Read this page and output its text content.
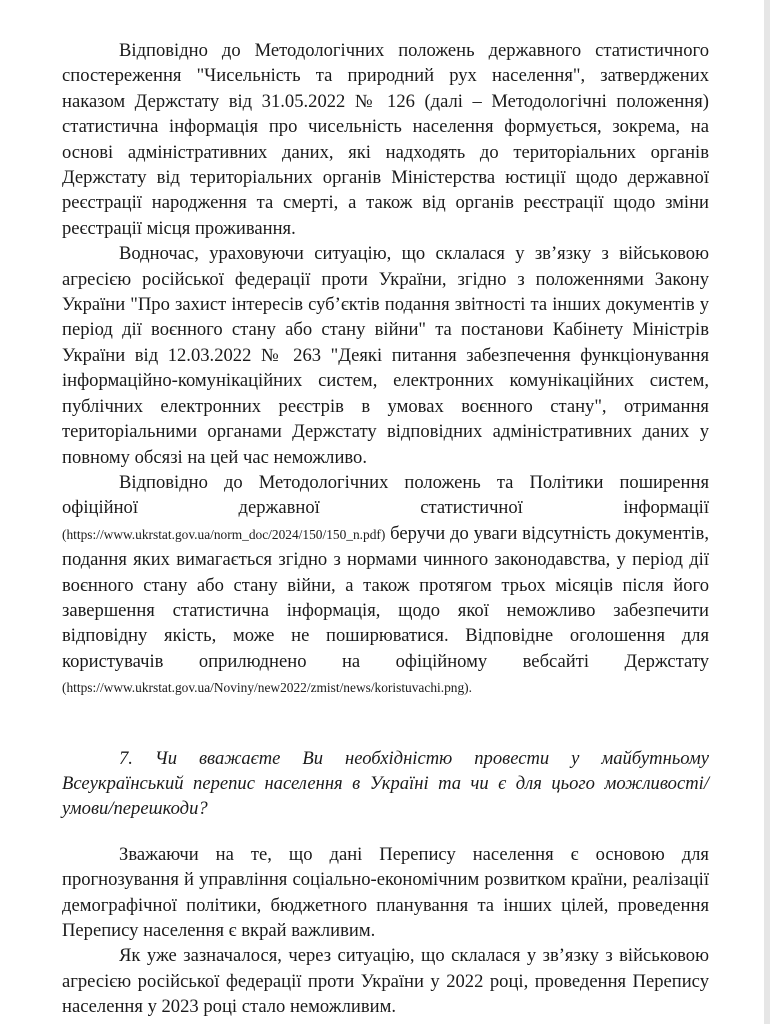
Відповідно до Методологічних положень державного статистичного спостереження "Чисельність та природний рух населення", затверджених наказом Держстату від 31.05.2022 № 126 (далі – Методологічні положення) статистична інформація про чисельність населення формується, зокрема, на основі адміністративних даних, які надходять до територіальних органів Держстату від територіальних органів Міністерства юстиції щодо державної реєстрації народження та смерті, а також від органів реєстрації щодо зміни реєстрації місця проживання.

Водночас, ураховуючи ситуацію, що склалася у зв’язку з військовою агресією російської федерації проти України, згідно з положеннями Закону України "Про захист інтересів суб’єктів подання звітності та інших документів у період дії воєнного стану або стану війни" та постанови Кабінету Міністрів України від 12.03.2022 № 263 "Деякі питання забезпечення функціонування інформаційно-комунікаційних систем, електронних комунікаційних систем, публічних електронних реєстрів в умовах воєнного стану", отримання територіальними органами Держстату відповідних адміністративних даних у повному обсязі на цей час неможливо.

Відповідно до Методологічних положень та Політики поширення офіційної державної статистичної інформації (https://www.ukrstat.gov.ua/norm_doc/2024/150/150_n.pdf) беручи до уваги відсутність документів, подання яких вимагається згідно з нормами чинного законодавства, у період дії воєнного стану або стану війни, а також протягом трьох місяців після його завершення статистична інформація, щодо якої неможливо забезпечити відповідну якість, може не поширюватися. Відповідне оголошення для користувачів оприлюднено на офіційному вебсайті Держстату (https://www.ukrstat.gov.ua/Noviny/new2022/zmist/news/koristuvachi.png).

7. Чи вважаєте Ви необхідністю провести у майбутньому Всеукраїнський перепис населення в Україні та чи є для цього можливості/умови/перешкоди?

Зважаючи на те, що дані Перепису населення є основою для прогнозування й управління соціально-економічним розвитком країни, реалізації демографічної політики, бюджетного планування та інших цілей, проведення Перепису населення є вкрай важливим.

Як уже зазначалося, через ситуацію, що склалася у зв’язку з військовою агресією російської федерації проти України у 2022 році, проведення Перепису населення у 2023 році стало неможливим.
